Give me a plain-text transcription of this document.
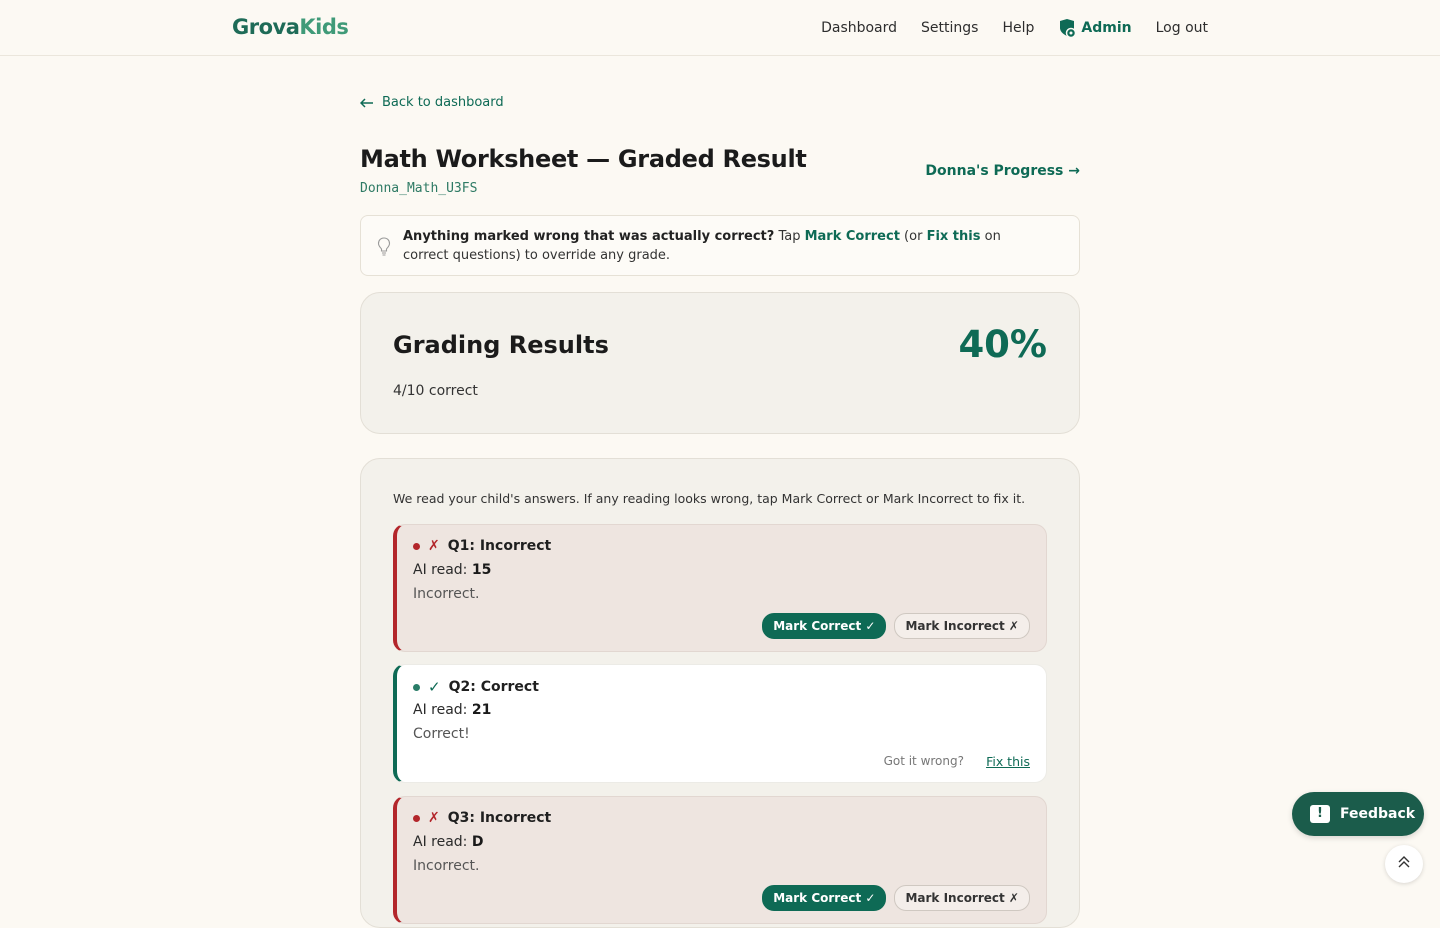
GrovaKids	Dashboard Settings Help	Admin Log out
Back to dashboard
Math Worksheet — Graded Result
Donna_Math_U3FS
Donna's Progress →
Anything marked wrong that was actually correct? Tap Mark Correct (or Fix this on correct questions) to override any grade.
Grading Results	40%
4/10 correct
We read your child's answers. If any reading looks wrong, tap Mark Correct or Mark Incorrect to fix it.
✗ Q1: Incorrect
AI read: 15
Incorrect.
Mark Correct ✓	Mark Incorrect ✗
✓ Q2: Correct
AI read: 21
Correct!
Got it wrong? Fix this
✗ Q3: Incorrect
AI read: D
Incorrect.
Mark Correct ✓	Mark Incorrect ✗
!	Feedback
